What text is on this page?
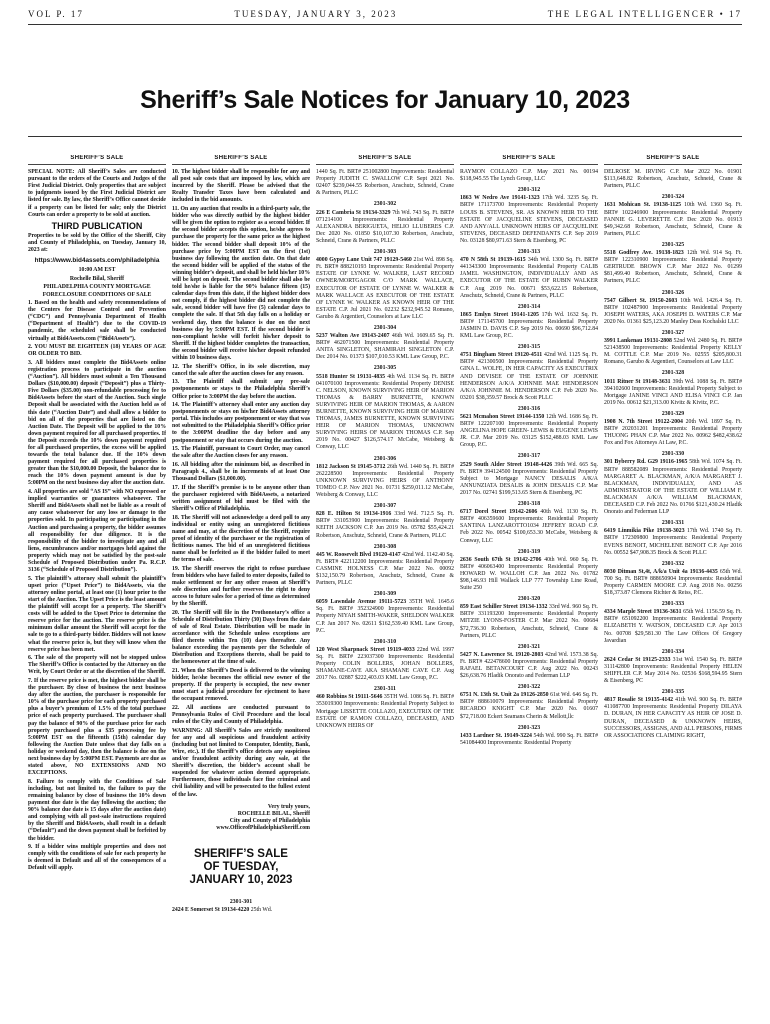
VOL P. 17	TUESDAY, JANUARY 3, 2023	THE LEGAL INTELLIGENCER • 17
Sheriff’s Sale Notices for January 10, 2023
SHERIFF’S SALE

SPECIAL NOTE: All Sheriff’s Sales are conducted pursuant to the orders of the Courts and Judges of the First Judicial District. Only properties that are subject to judgments issued by the First Judicial District are listed for sale. By law, the Sheriff’s Office cannot decide if a property can be listed for sale; only the District Courts can order a property to be sold at auction.

THIRD PUBLICATION

Properties to be sold by the Office of the Sheriff, City and County of Philadelphia, on Tuesday, January 10, 2023 at:

https://www.bid4assets.com/philadelphia

10:00 AM EST

Rochelle Bilal, Sheriff

PHILADELPHIA COUNTY MORTGAGE FORECLOSURE CONDITIONS OF SALE

1. Based on the health and safety recommendations of the Centers for Disease Control and Prevention (“CDC”) and Pennsylvania Department of Health (“Department of Health”) due to the COVID-19 pandemic, the scheduled sale shall be conducted virtually at Bid4Assets.com (“Bid4Assets”).

2. YOU MUST BE EIGHTEEN (18) YEARS OF AGE OR OLDER TO BID.

3. All bidders must complete the Bid4Assets online registration process to participate in the auction (“Auction”). All bidders must submit a Ten Thousand Dollars ($10,000.00) deposit (“Deposit”) plus a Thirty-Five Dollars ($35.00) non-refundable processing fee to Bid4Assets before the start of the Auction. Such single Deposit shall be associated with the Auction held as of this date (“Auction Date”) and shall allow a bidder to bid on all of the properties that are listed on the Auction Date. The Deposit will be applied to the 10% down payment required for all purchased properties. If the Deposit exceeds the 10% down payment required for all purchased properties, the excess will be applied towards the total balance due. If the 10% down payment required for all purchased properties is greater than the $10,000.00 Deposit, the balance due to reach the 10% down payment amount is due by 5:00PM on the next business day after the auction date.

4. All properties are sold “AS IS” with NO expressed or implied warranties or guarantees whatsoever. The Sheriff and Bid4Assets shall not be liable as a result of any cause whatsoever for any loss or damage to the properties sold. In participating or participating in the Auction and purchasing a property, the bidder assumes all responsibility for due diligence. It is the responsibility of the bidder to investigate any and all liens, encumbrances and/or mortgages held against the property which may not be satisfied by the post-sale Schedule of Proposed Distribution under Pa. R.C.P. 3136 (“Schedule of Proposed Distribution”).

5. The plaintiff’s attorney shall submit the plaintiff’s upset price (“Upset Price”) to Bid4Assets, via the attorney online portal, at least one (1) hour prior to the start of the Auction. The Upset Price is the least amount the plaintiff will accept for a property. The Sheriff’s costs will be added to the Upset Price to determine the reserve price for the auction. The reserve price is the minimum dollar amount the Sheriff will accept for the sale to go to a third-party bidder. Bidders will not know what the reserve price is, but they will know when the reserve price has been met.

6. The sale of the property will not be stopped unless The Sheriff’s Office is contacted by the Attorney on the Writ, by Court Order or at the discretion of the Sheriff.

7. If the reserve price is met, the highest bidder shall be the purchaser. By close of business the next business day after the auction, the purchaser is responsible for 10% of the purchase price for each property purchased plus a buyer’s premium of 1.5% of the total purchase price of each property purchased. The purchaser shall pay the balance of 90% of the purchase price for each property purchased plus a $35 processing fee by 5:00PM EST on the fifteenth (15th) calendar day following the Auction Date unless that day falls on a holiday or weekend day, then the balance is due on the next business day by 5:00PM EST. Payments are due as stated above, NO EXTENSIONS AND NO EXCEPTIONS.

8. Failure to comply with the Conditions of Sale including, but not limited to, the failure to pay the remaining balance by close of business the 10% down payment due date is the day following the auction; the 90% balance due date is 15 days after the auction date) and complying with all post-sale instructions required by the Sheriff and Bid4Assets, shall result in a default (“Default”) and the down payment shall be forfeited by the bidder.

9. If a bidder wins multiple properties and does not comply with the conditions of sale for each property he is deemed in Default and all of the consequences of a Default will apply.

SHERIFF’S SALE

10. The highest bidder shall be responsible for any and all post sale costs that are imposed by law, which are incurred by the Sheriff. Please be advised that the Realty Transfer Taxes have been calculated and included in the bid amounts.

11. On any auction that results in a third-party sale, the bidder who was directly outbid by the highest bidder will be given the option to register as a second bidder. If the second bidder accepts this option, he/she agrees to purchase the property for the same price as the highest bidder. The second bidder shall deposit 10% of the purchase price by 5:00PM EST on the first (1st) business day following the auction date. On that date the second bidder will be applied of the status of the winning bidder’s deposit, and shall be held his/her 10% will be kept on deposit. The second bidder shall also be told he/she is liable for the 90% balance fifteen (15) calendar days from this date, if the highest bidder does not comply, if the highest bidder did not complete the sale, second bidder will have five (5) calendar days to complete the sale. If that 5th day falls on a holiday or weekend day, then the balance is due on the next business day by 5:00PM EST. If the second bidder is non-compliant he/she will forfeit his/her deposit to Sheriff. If the highest bidder completes the transaction, the second bidder will receive his/her deposit refunded within 10 business days.

12. The Sheriff’s Office, in its sole discretion, may cancel the sale after the auction closes for any reason.

13. The Plaintiff shall submit any pre-sale postponements or stays to the Philadelphia Sheriff’s Office prior to 3:00PM the day before the auction.

14. The Plaintiff’s attorney shall enter any auction day postponements or stays on his/her Bid4Assets attorney portal. This includes any postponement or stay that was not submitted to the Philadelphia Sheriff’s Office prior to the 3:00PM deadline the day before and any postponement or stay that occurs during the auction.

15. The Plaintiff, pursuant to Court Order, may cancel the sale after the Auction closes for any reason.

16. All bidding after the minimum bid, as described in Paragraph 4., shall be in increments of at least One Thousand Dollars ($1,000.00).

17. If the Sheriff’s premise is to be anyone other than the purchaser registered with Bid4Assets, a notarized written assignment of bid must be filed with the Sheriff’s Office of Philadelphia.

18. The Sheriff will not acknowledge a deed poll to any individual or entity using an unregistered fictitious name and may, at the discretion of the Sheriff, require proof of identity of the purchaser or the registration of fictitious names. The bid of an unregistered fictitious name shall be forfeited as if the bidder failed to meet the terms of sale.

19. The Sheriff reserves the right to refuse purchase from bidders who have failed to enter deposits, failed to make settlement or for any other reason at Sheriff’s sole discretion and further reserves the right to deny access to future sales for a period of time as determined by the Sheriff.

20. The Sheriff will file in the Prothonotary’s office a Schedule of Distribution Thirty (30) Days from the date of sale of Real Estate. Distribution will be made in accordance with the Schedule unless exceptions are filed thereto within Ten (10) days thereafter. Any balance exceeding the payments per the Schedule of Distribution and Exceptions thereto, shall be paid to the homeowner at the time of sale.

21. When the Sheriff’s Deed is delivered to the winning bidder, he/she becomes the official new owner of the property. If the property is occupied, the new owner must start a judicial procedure for ejectment to have the occupant removed.

22. All auctions are conducted pursuant to Pennsylvania Rules of Civil Procedure and the local rules of the City and County of Philadelphia.

WARNING: All Sheriff’s Sales are strictly monitored for any and all suspicious and fraudulent activity (including but not limited to Computer, Identity, Bank, Wire, etc.). If the Sheriff’s office detects any suspicious and/or fraudulent activity during any sale, at the Sheriff’s discretion, the bidder’s account shall be suspended for whatever action deemed appropriate. Furthermore, those individuals face fine criminal and civil liability and will be prosecuted to the fullest extent of the law.

Very truly yours,
ROCHELLE BILAL, Sheriff
City and County of Philadelphia
www.OfficeofPhiladelphiaSheriff.com
SHERIFF’S SALE
OF TUESDAY,
JANUARY 10, 2023
2301-301

2424 E Somerset St 19134-4220 25th Wd.

SHERIFF’S SALE

1440 Sq. Ft. BRT# 251002800 Improvements: Residential Property JUDITH C. SWALLOW C.P. Sept 2021 No. 02407 $239,044.55 Robertson, Anschutz, Schneid, Crane & Partners, PLLC

2301-302

226 E Cambria St 19134-3329 7th Wd. 743 Sq. Ft. BRT# 071214100 Improvements: Residential Property ALEXANDRA BERIGUETA, HELIO LLUBERES C.P. Dec 2020 No. 01850 $10,107.30 Robertson, Anschutz, Schneid, Crane & Partners, PLLC

2301-303

4000 Gypsy Lane Unit 747 19129-5460 21st Wd. 898 Sq. Ft. BRT# 888210193 Improvements: Residential Property ESTATE OF LYNNE W. WALKER, LAST RECORD OWNER/MORTGAGOR C/O MARK WALLACE, EXECUTOR OF ESTATE OF LYNNE W. WALKER & MARK WALLACE AS EXECUTOR OF THE ESTATE OF LYNNE W. WALKER AS KNOWN HEIR OF THE ESTATE C.P. Jul 2021 No. 02232 $232,945.52 Romano, Garubo & Argentieri, Counselors at Law LLC

2301-304

5237 Walton Ave 19143-2407 46th Wd. 1609.65 Sq. Ft. BRT# 462071500 Improvements: Residential Property ANITA SINGLETON, SHAMIRAH SINGLETON C.P. Dec 2014 No. 01373 $107,010.53 KML Law Group, P.C.

2301-305

5518 Hunter St 19131-4835 4th Wd. 1134 Sq. Ft. BRT# 041070100 Improvements: Residential Property DENISE C. NELSON, KNOWN SURVIVING HEIR OF MARION THOMAS & BARRY BURNETTE, KNOWN SURVIVING HEIR OF MARION THOMAS, & AARON BURNETTE, KNOWN SURVIVING HEIR OF MARION THOMAS, JAMES BURNETTE, KNOWN SURVIVING HEIR OF MARION THOMAS, UNKNOWN SURVIVING HEIRS OF MARION THOMAS C.P. Sep 2019 No. 00427 $126,574.17 McCabe, Weisberg & Conway, LLC

2301-306

1812 Jackson St 19145-3712 26th Wd. 1440 Sq. Ft. BRT# 262228500 Improvements: Residential Property UNKNOWN SURVIVING HEIRS OF ANTHONY TOMEO C.P. Nov 2021 No. 01731 $259,011.12 McCabe, Weisberg & Conway, LLC

2301-307

828 E. Hilton St 19134-1916 33rd Wd. 712.5 Sq. Ft. BRT# 331053900 Improvements: Residential Property KEITH JACKSON C.P. Jun 2019 No. 05782 $55,424.21 Robertson, Anschutz, Schneid, Crane & Partners, PLLC

2301-308

445 W. Roosevelt Blvd 19120-4147 42nd Wd. 1142.40 Sq. Ft. BRT# 422112200 Improvements: Residential Property CASMINE HOLNESS C.P. Mar 2022 No. 00092 $132,150.79 Robertson, Anschutz, Schneid, Crane & Partners, PLLC

2301-309

6059 Lawndale Avenue 19111-5723 35TH Wd. 1645.6 Sq. Ft. BRT# 352324900 Improvements: Residential Property NIYAH SMITH-WAKER, SHELDON WALKER C.P. Jan 2017 No. 02611 $162,539.40 KML Law Group, P.C.

2301-310

120 West Sharpnack Street 19119-4033 22nd Wd. 1997 Sq. Ft. BRT# 223037300 Improvements: Residential Property COLIN BOLLERS, JOHAN BOLLERS, SHAMANE-CAVE AKA SHAMANE CAVE C.P. Aug 2017 No. 02887 $222,403.03 KML Law Group, P.C.

2301-311

460 Robbins St 19111-5646 35TH Wd. 1086 Sq. Ft. BRT# 353019300 Improvements: Residential Property Subject to Mortgage LISSETTE COLLAZO, EXECUTRIX OF THE ESTATE OF RAMON COLLAZO, DECEASED, AND UNKNOWN HEIRS OF

SHERIFF’S SALE

RAYMON COLLAZO C.P. May 2021 No. 00194 $118,945.55 The Lynch Group, LLC

2301-312

1863 W Nedro Ave 19141-1323 17th Wd. 3235 Sq. Ft. BRT# 171173700 Improvements: Residential Property LOUIS B. STEVENS, SR. AS KNOWN HEIR TO THE ESTATE OF JACQUELINE STEVENS, DECEASED AND ANY/ALL UNKNOWN HEIRS OF JACQUELINE STEVENS, DECEASED DEFENDANTS C.P. Sep 2019 No. 03128 $80,971.63 Stern & Eisenberg, PC

2301-313

470 N 58th St 19139-1615 34th Wd. 1300 Sq. Ft. BRT# 441343300 Improvements: Residential Property CALIB JAMEL WASHINGTON, INDIVIDUALLY AND AS EXECUTOR OF THE ESTATE OF RUBIN WALKER C.P. Aug 2019 No. 00671 $53,622.15 Robertson, Anschutz, Schneid, Crane & Partners, PLLC

2301-314

1865 Emlyn Street 19141-1205 17th Wd. 1632 Sq. Ft. BRT# 171145700 Improvements: Residential Property JASMIN D. DAVIS C.P. Sep 2019 No. 00690 $96,712.84 KML Law Group, P.C.

2301-315

4751 Bingham Street 19120-4511 42nd Wd. 1125 Sq. Ft. BRT# 421300500 Improvements: Residential Property GINA L. WOLFE, IN HER CAPACITY AS EXECUTRIX AND DEVISEE OF THE ESTATE OF JOHNNIE HENDERSON A/K/A JOHNNIE MAE HENDERSON A/K/A JOHNNIE M. HENDERSON C.P. Feb 2020 No. 03201 $38,359.57 Brock & Scott PLLC

2301-316

5621 Mcmahon Street 19144-1350 12th Wd. 1686 Sq. Ft. BRT# 122207100 Improvements: Residential Property ANGELINA HOPE GREEN- LEWIS & EUGENE LEWIS JR. C.P. Mar 2019 No. 03125 $152,488.03 KML Law Group, P.C.

2301-317

2529 South Alder Street 19148-4426 39th Wd. 665 Sq. Ft. BRT# 394124500 Improvements: Residential Property Subject to Mortgage NANCY DESALIS A/K/A ANNUNZIATA DESALIS & JOHN DESALIS C.P. Mar 2017 No. 02741 $199,513.65 Stern & Eisenberg, PC

2301-318

6717 Dorel Street 19142-2606 40th Wd. 1130 Sq. Ft. BRT# 406359600 Improvements: Residential Property SANTINA LANZAROTTO1034 JEFFREY ROAD C.P. Feb 2022 No. 00542 $100,653.30 McCabe, Weisberg & Conway, LLC

2301-319

2636 South 67th St 19142-2706 40th Wd. 960 Sq. Ft. BRT# 406063400 Improvements: Residential Property HOWARD W. WALLOH C.P. Jan 2022 No. 01782 $98,146.93 Hill Wallack LLP 777 Township Line Road, Suite 250

2301-320

859 East Schiller Street 19134-1332 33rd Wd. 960 Sq. Ft. BRT# 331193200 Improvements: Residential Property MITZIE LYONS-FOSTER C.P. Mar 2022 No. 00684 $72,736.30 Robertson, Anschutz, Schneid, Crane & Partners, PLLC

2301-321

5427 N. Lawrence St. 19120-2803 42nd Wd. 1573.38 Sq. Ft. BRT# 422478600 Improvements: Residential Property RAFAEL BETANCOURT C.P. Aug 2022 No. 00243 $26,638.76 Hladik Onorato and Federman LLP

2301-322

6751 N. 13th St. Unit 2a 19126-2850 61st Wd. 646 Sq. Ft. BRT# 888610079 Improvements: Residential Property RICARDO KNIGHT C.P. Mar 2020 No. 01607 $72,718.00 Eckert Seamans Cherin & Mellott,llc

2301-323

1433 Lardner St. 19149-3224 54th Wd. 990 Sq. Ft. BRT# 541084400 Improvements: Residential Property

SHERIFF’S SALE

DELROSE M. IRVING C.P. Mar 2022 No. 01901 $113,648.82 Robertson, Anschutz, Schneid, Crane & Partners, PLLC

2301-324

1631 Mohican St. 19138-1125 10th Wd. 1360 Sq. Ft. BRT# 102246900 Improvements: Residential Property FANNIE G. LEVERETTE C.P. Dec 2020 No. 01913 $49,342.68 Robertson, Anschutz, Schneid, Crane & Partners, PLLC

2301-325

5518 Godfrey Ave. 19138-1823 12th Wd. 914 Sq. Ft. BRT# 122310900 Improvements: Residential Property GERTRUDE BROWN C.P. Mar 2022 No. 01299 $81,499.40 Robertson, Anschutz, Schneid, Crane & Partners, PLLC

2301-326

7547 Gilbert St. 19150-2603 10th Wd. 1426.4 Sq. Ft. BRT# 102487900 Improvements: Residential Property JOSEPH WATERS, AKA JOSEPH D. WATERS C.P. Mar 2020 No. 01361 $25,123.20 Manley Deas Kochalski LLC

2301-327

3991 Lankenau 19131-2808 52nd Wd. 2480 Sq. Ft. BRT# 521438500 Improvements: Residential Property KELLY M. COTTLE C.P. Mar 2019 No. 02555 $205,800.31 Romano, Garubo & Argentieri, Counselors at Law LLC

2301-328

1011 Ritner St 19148-3631 39th Wd. 1088 Sq. Ft. BRT# 394102600 Improvements: Residential Property Subject to Mortgage JANINE VINCI AND ELISA VINCI C.P. Jan 2019 No. 00612 $21,313.00 Kivitz & Kivitz, P.C.

2301-329

1908 N. 7th Street 19122-2004 20th Wd. 1897 Sq. Ft. BRT# 202031201 Improvements: Residential Property THUONG PHAN C.P. Mar 2022 No. 00962 $482,438.62 Fox and Fox Attorneys At Law, P.C.

2301-330

301 Byberry Rd. G29 19116-1965 58th Wd. 1074 Sq. Ft. BRT# 888582089 Improvements: Residential Property MARGARET A. BLACKMAN, A/K/A MARGARET J. BLACKMAN, INDIVIDUALLY, AND AS ADMINISTRATOR OF THE ESTATE OF WILLIAM F. BLACKMAN A/K/A WILLIAM BLACKMAN, DECEASED C.P. Feb 2022 No. 01766 $121,430.24 Hladik Onorato and Federman LLP

2301-331

6419 Linmikia Pike 19138-3023 17th Wd. 1740 Sq. Ft. BRT# 172309800 Improvements: Residential Property EVENS BENOIT, MICHELENE BENOIT C.P. Apr 2016 No. 00552 $47,908.35 Brock & Scott PLLC

2301-332

8030 Ditman St,4t, A/k/a Unit 4a 19136-4435 65th Wd. 700 Sq. Ft. BRT# 888650904 Improvements: Residential Property CARMEN MOORE C.P. Aug 2018 No. 00256 $18,373.87 Clemons Richter & Reiss, P.C.

2301-333

4334 Marple Street 19136-3631 65th Wd. 1156.59 Sq. Ft. BRT# 651092200 Improvements: Residential Property ELIZABETH Y. WATSON, DECEASED C.P. Apr 2013 No. 00708 $29,581.30 The Law Offices Of Gregory Javardian

2301-334

2624 Cedar St 19125-2333 31st Wd. 1540 Sq. Ft. BRT# 311142800 Improvements: Residential Property HELEN SHIFFLER C.P. May 2014 No. 02536 $168,594.95 Stern & Eisenberg, PC

2301-335

4817 Rosalie St 19135-4142 41th Wd. 900 Sq. Ft. BRT# 411087700 Improvements: Residential Property DILAYA D. DURAN, IN HER CAPACITY AS HEIR OF JOSE D. DURAN, DECEASED & UNKNOWN HEIRS, SUCCESSORS, ASSIGNS, AND ALL PERSONS, FIRMS OR ASSOCIATIONS CLAIMING RIGHT,
